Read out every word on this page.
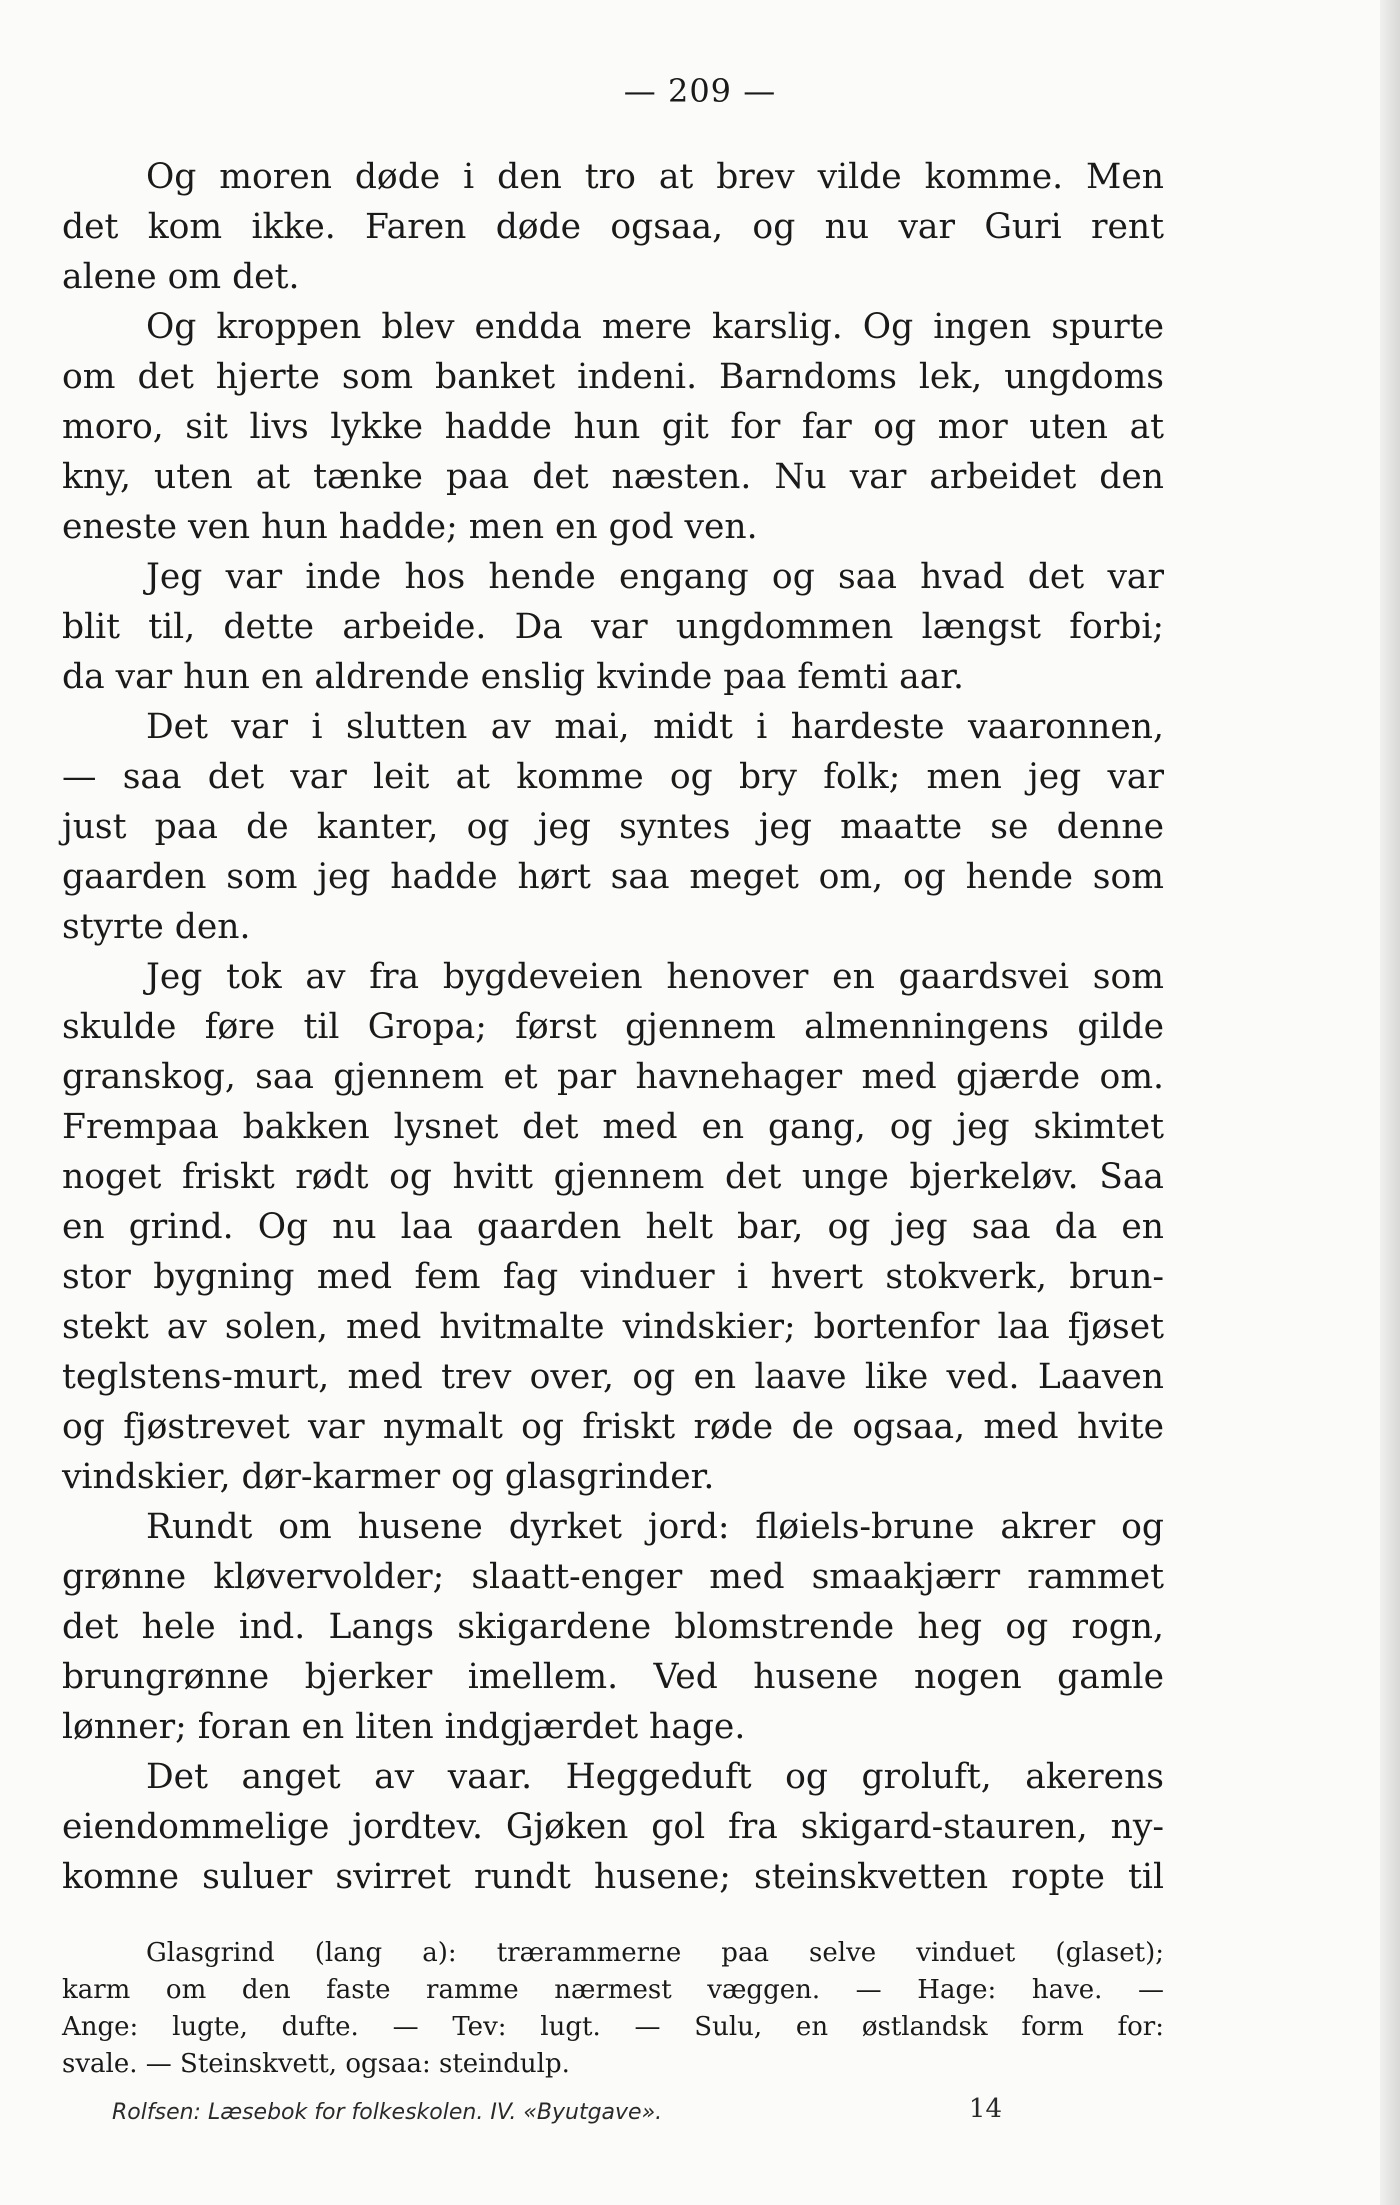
— 209 —
Og moren døde i den tro at brev vilde komme. Men
det kom ikke. Faren døde ogsaa, og nu var Guri rent
alene om det.
Og kroppen blev endda mere karslig. Og ingen spurte
om det hjerte som banket indeni. Barndoms lek, ungdoms
moro, sit livs lykke hadde hun git for far og mor uten at
kny, uten at tænke paa det næsten. Nu var arbeidet den
eneste ven hun hadde; men en god ven.
Jeg var inde hos hende engang og saa hvad det var
blit til, dette arbeide. Da var ungdommen længst forbi;
da var hun en aldrende enslig kvinde paa femti aar.
Det var i slutten av mai, midt i hardeste vaaronnen,
— saa det var leit at komme og bry folk; men jeg var
just paa de kanter, og jeg syntes jeg maatte se denne
gaarden som jeg hadde hørt saa meget om, og hende som
styrte den.
Jeg tok av fra bygdeveien henover en gaardsvei som
skulde føre til Gropa; først gjennem almenningens gilde
granskog, saa gjennem et par havnehager med gjærde om.
Frempaa bakken lysnet det med en gang, og jeg skimtet
noget friskt rødt og hvitt gjennem det unge bjerkeløv. Saa
en grind. Og nu laa gaarden helt bar, og jeg saa da en
stor bygning med fem fag vinduer i hvert stokverk, brun-
stekt av solen, med hvitmalte vindskier; bortenfor laa fjøset
teglstens-murt, med trev over, og en laave like ved. Laaven
og fjøstrevet var nymalt og friskt røde de ogsaa, med hvite
vindskier, dør-karmer og glasgrinder.
Rundt om husene dyrket jord: fløiels-brune akrer og
grønne kløvervolder; slaatt-enger med smaakjærr rammet
det hele ind. Langs skigardene blomstrende heg og rogn,
brungrønne bjerker imellem. Ved husene nogen gamle
lønner; foran en liten indgjærdet hage.
Det anget av vaar. Heggeduft og groluft, akerens
eiendommelige jordtev. Gjøken gol fra skigard-stauren, ny-
komne suluer svirret rundt husene; steinskvetten ropte til
Glasgrind (lang a): trærammerne paa selve vinduet (glaset);
karm om den faste ramme nærmest væggen. — Hage: have. —
Ange: lugte, dufte. — Tev: lugt. — Sulu, en østlandsk form for:
svale. — Steinskvett, ogsaa: steindulp.
Rolfsen: Læsebok for folkeskolen. IV. «Byutgave».	14
